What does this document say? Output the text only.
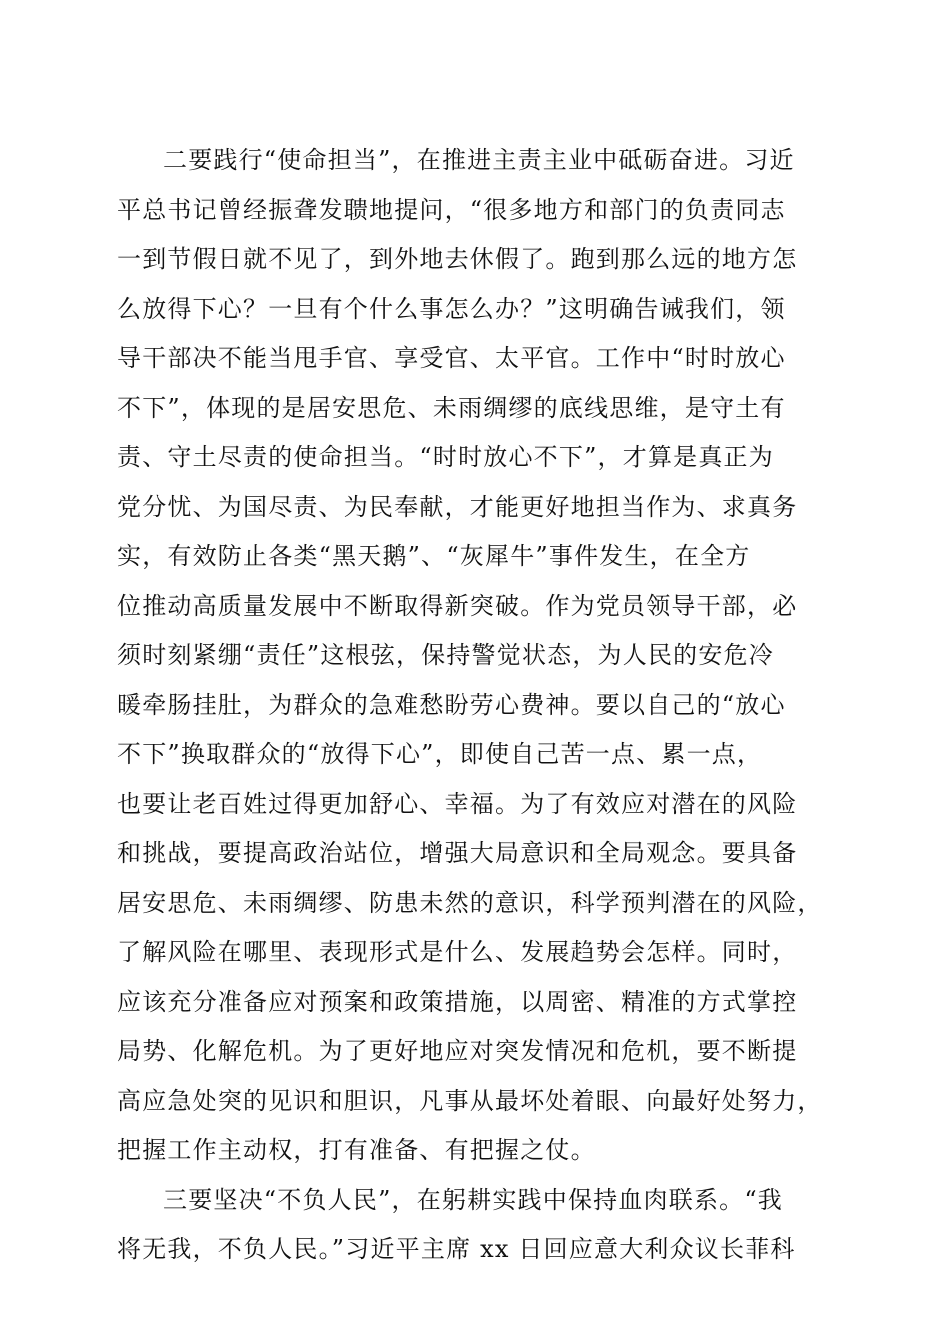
二要践行“使命担当”，在推进主责主业中砥砺奋进。习近
平总书记曾经振聋发聩地提问，“很多地方和部门的负责同志
一到节假日就不见了，到外地去休假了。跑到那么远的地方怎
么放得下心？一旦有个什么事怎么办？”这明确告诫我们，领
导干部决不能当甩手官、享受官、太平官。工作中“时时放心
不下”，体现的是居安思危、未雨绸缪的底线思维，是守土有
责、守土尽责的使命担当。“时时放心不下”，才算是真正为
党分忧、为国尽责、为民奉献，才能更好地担当作为、求真务
实，有效防止各类“黑天鹅”、“灰犀牛”事件发生，在全方
位推动高质量发展中不断取得新突破。作为党员领导干部，必
须时刻紧绷“责任”这根弦，保持警觉状态，为人民的安危冷
暖牵肠挂肚，为群众的急难愁盼劳心费神。要以自己的“放心
不下”换取群众的“放得下心”，即使自己苦一点、累一点，
也要让老百姓过得更加舒心、幸福。为了有效应对潜在的风险
和挑战，要提高政治站位，增强大局意识和全局观念。要具备
居安思危、未雨绸缪、防患未然的意识，科学预判潜在的风险，
了解风险在哪里、表现形式是什么、发展趋势会怎样。同时，
应该充分准备应对预案和政策措施，以周密、精准的方式掌控
局势、化解危机。为了更好地应对突发情况和危机，要不断提
高应急处突的见识和胆识，凡事从最坏处着眼、向最好处努力，
把握工作主动权，打有准备、有把握之仗。
三要坚决“不负人民”，在躬耕实践中保持血肉联系。“我
将无我，不负人民。”习近平主席 xx 日回应意大利众议长菲科
